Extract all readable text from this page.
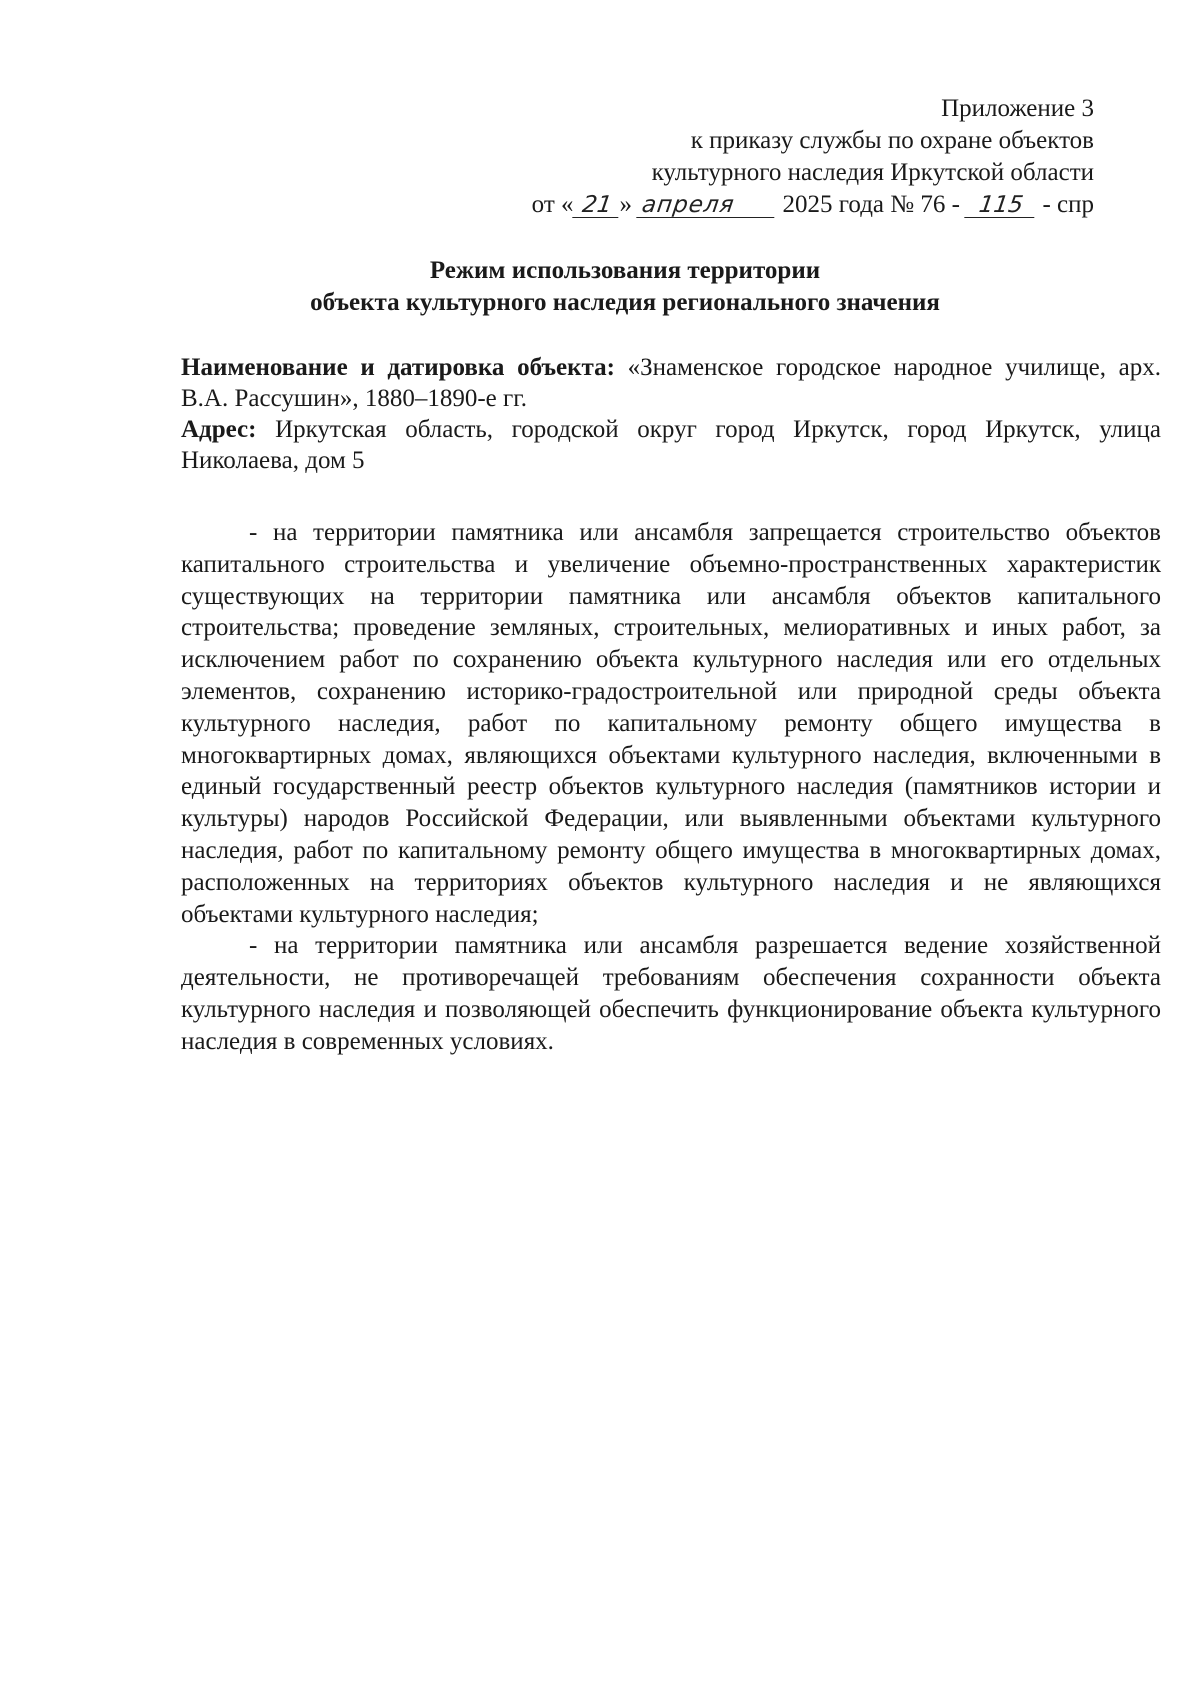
Приложение 3
к приказу службы по охране объектов
культурного наследия Иркутской области
от « 21 » апреля 2025 года № 76 - 115 - спр
Режим использования территории
объекта культурного наследия регионального значения

Наименование и датировка объекта: «Знаменское городское народное училище, арх. В.А. Рассушин», 1880–1890-е гг.

Адрес: Иркутская область, городской округ город Иркутск, город Иркутск, улица Николаева, дом 5

- на территории памятника или ансамбля запрещается строительство объектов капитального строительства и увеличение объемно-пространственных характеристик существующих на территории памятника или ансамбля объектов капитального строительства; проведение земляных, строительных, мелиоративных и иных работ, за исключением работ по сохранению объекта культурного наследия или его отдельных элементов, сохранению историко-градостроительной или природной среды объекта культурного наследия, работ по капитальному ремонту общего имущества в многоквартирных домах, являющихся объектами культурного наследия, включенными в единый государственный реестр объектов культурного наследия (памятников истории и культуры) народов Российской Федерации, или выявленными объектами культурного наследия, работ по капитальному ремонту общего имущества в многоквартирных домах, расположенных на территориях объектов культурного наследия и не являющихся объектами культурного наследия;

- на территории памятника или ансамбля разрешается ведение хозяйственной деятельности, не противоречащей требованиям обеспечения сохранности объекта культурного наследия и позволяющей обеспечить функционирование объекта культурного наследия в современных условиях.
